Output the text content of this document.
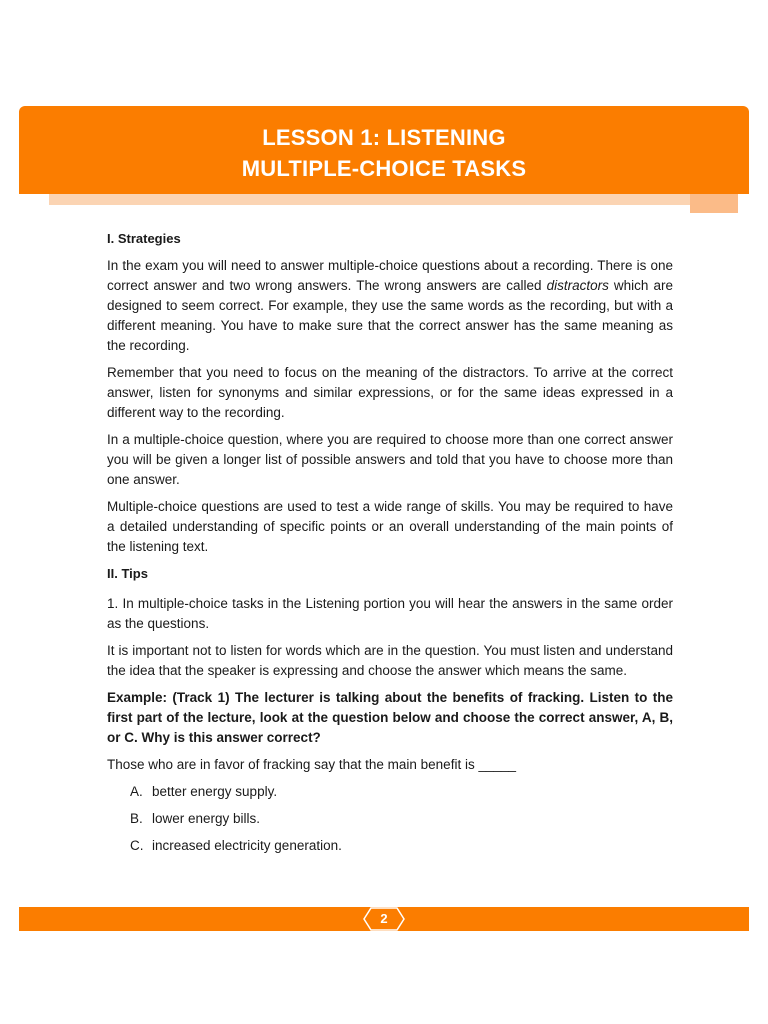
LESSON 1: LISTENING
MULTIPLE-CHOICE TASKS
I. Strategies

In the exam you will need to answer multiple-choice questions about a recording. There is one correct answer and two wrong answers. The wrong answers are called distractors which are designed to seem correct. For example, they use the same words as the recording, but with a different meaning. You have to make sure that the correct answer has the same meaning as the recording.

Remember that you need to focus on the meaning of the distractors. To arrive at the correct answer, listen for synonyms and similar expressions, or for the same ideas expressed in a different way to the recording.

In a multiple-choice question, where you are required to choose more than one correct answer you will be given a longer list of possible answers and told that you have to choose more than one answer.

Multiple-choice questions are used to test a wide range of skills. You may be required to have a detailed understanding of specific points or an overall understanding of the main points of the listening text.

II. Tips

1. In multiple-choice tasks in the Listening portion you will hear the answers in the same order as the questions.

It is important not to listen for words which are in the question. You must listen and understand the idea that the speaker is expressing and choose the answer which means the same.

Example: (Track 1) The lecturer is talking about the benefits of fracking. Listen to the first part of the lecture, look at the question below and choose the correct answer, A, B, or C. Why is this answer correct?

Those who are in favor of fracking say that the main benefit is _____

A. better energy supply.
B. lower energy bills.
C. increased electricity generation.
2
